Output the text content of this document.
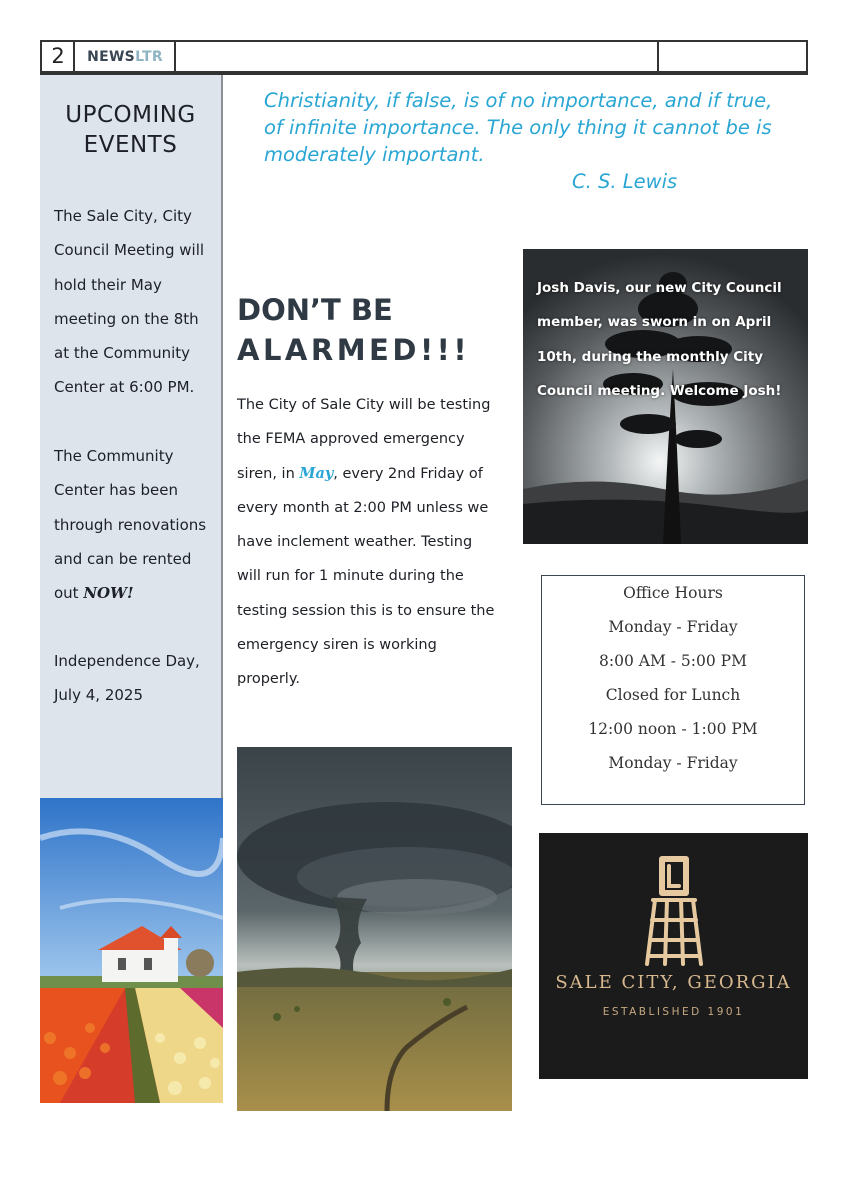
2	NEWSLTR
UPCOMING
EVENTS
The Sale City, City
Council Meeting will
hold their May
meeting on the 8th
at the Community
Center at 6:00 PM.
The Community
Center has been
through renovations
and can be rented
out NOW!
Independence Day,
July 4, 2025
Christianity, if false, is of no importance, and if true, of infinite importance. The only thing it cannot be is moderately important.
C. S. Lewis
DON’T BE
ALARMED!!!
The City of Sale City will be testing the FEMA approved emergency siren, in May, every 2nd Friday of every month at 2:00 PM unless we have inclement weather. Testing will run for 1 minute during the testing session this is to ensure the emergency siren is working properly.
Josh Davis, our new City Council member, was sworn in on April 10th, during the monthly City Council meeting. Welcome Josh!
Office Hours
Monday - Friday
8:00 AM - 5:00 PM
Closed for Lunch
12:00 noon - 1:00 PM
Monday - Friday
SALE CITY, GEORGIA
ESTABLISHED 1901
